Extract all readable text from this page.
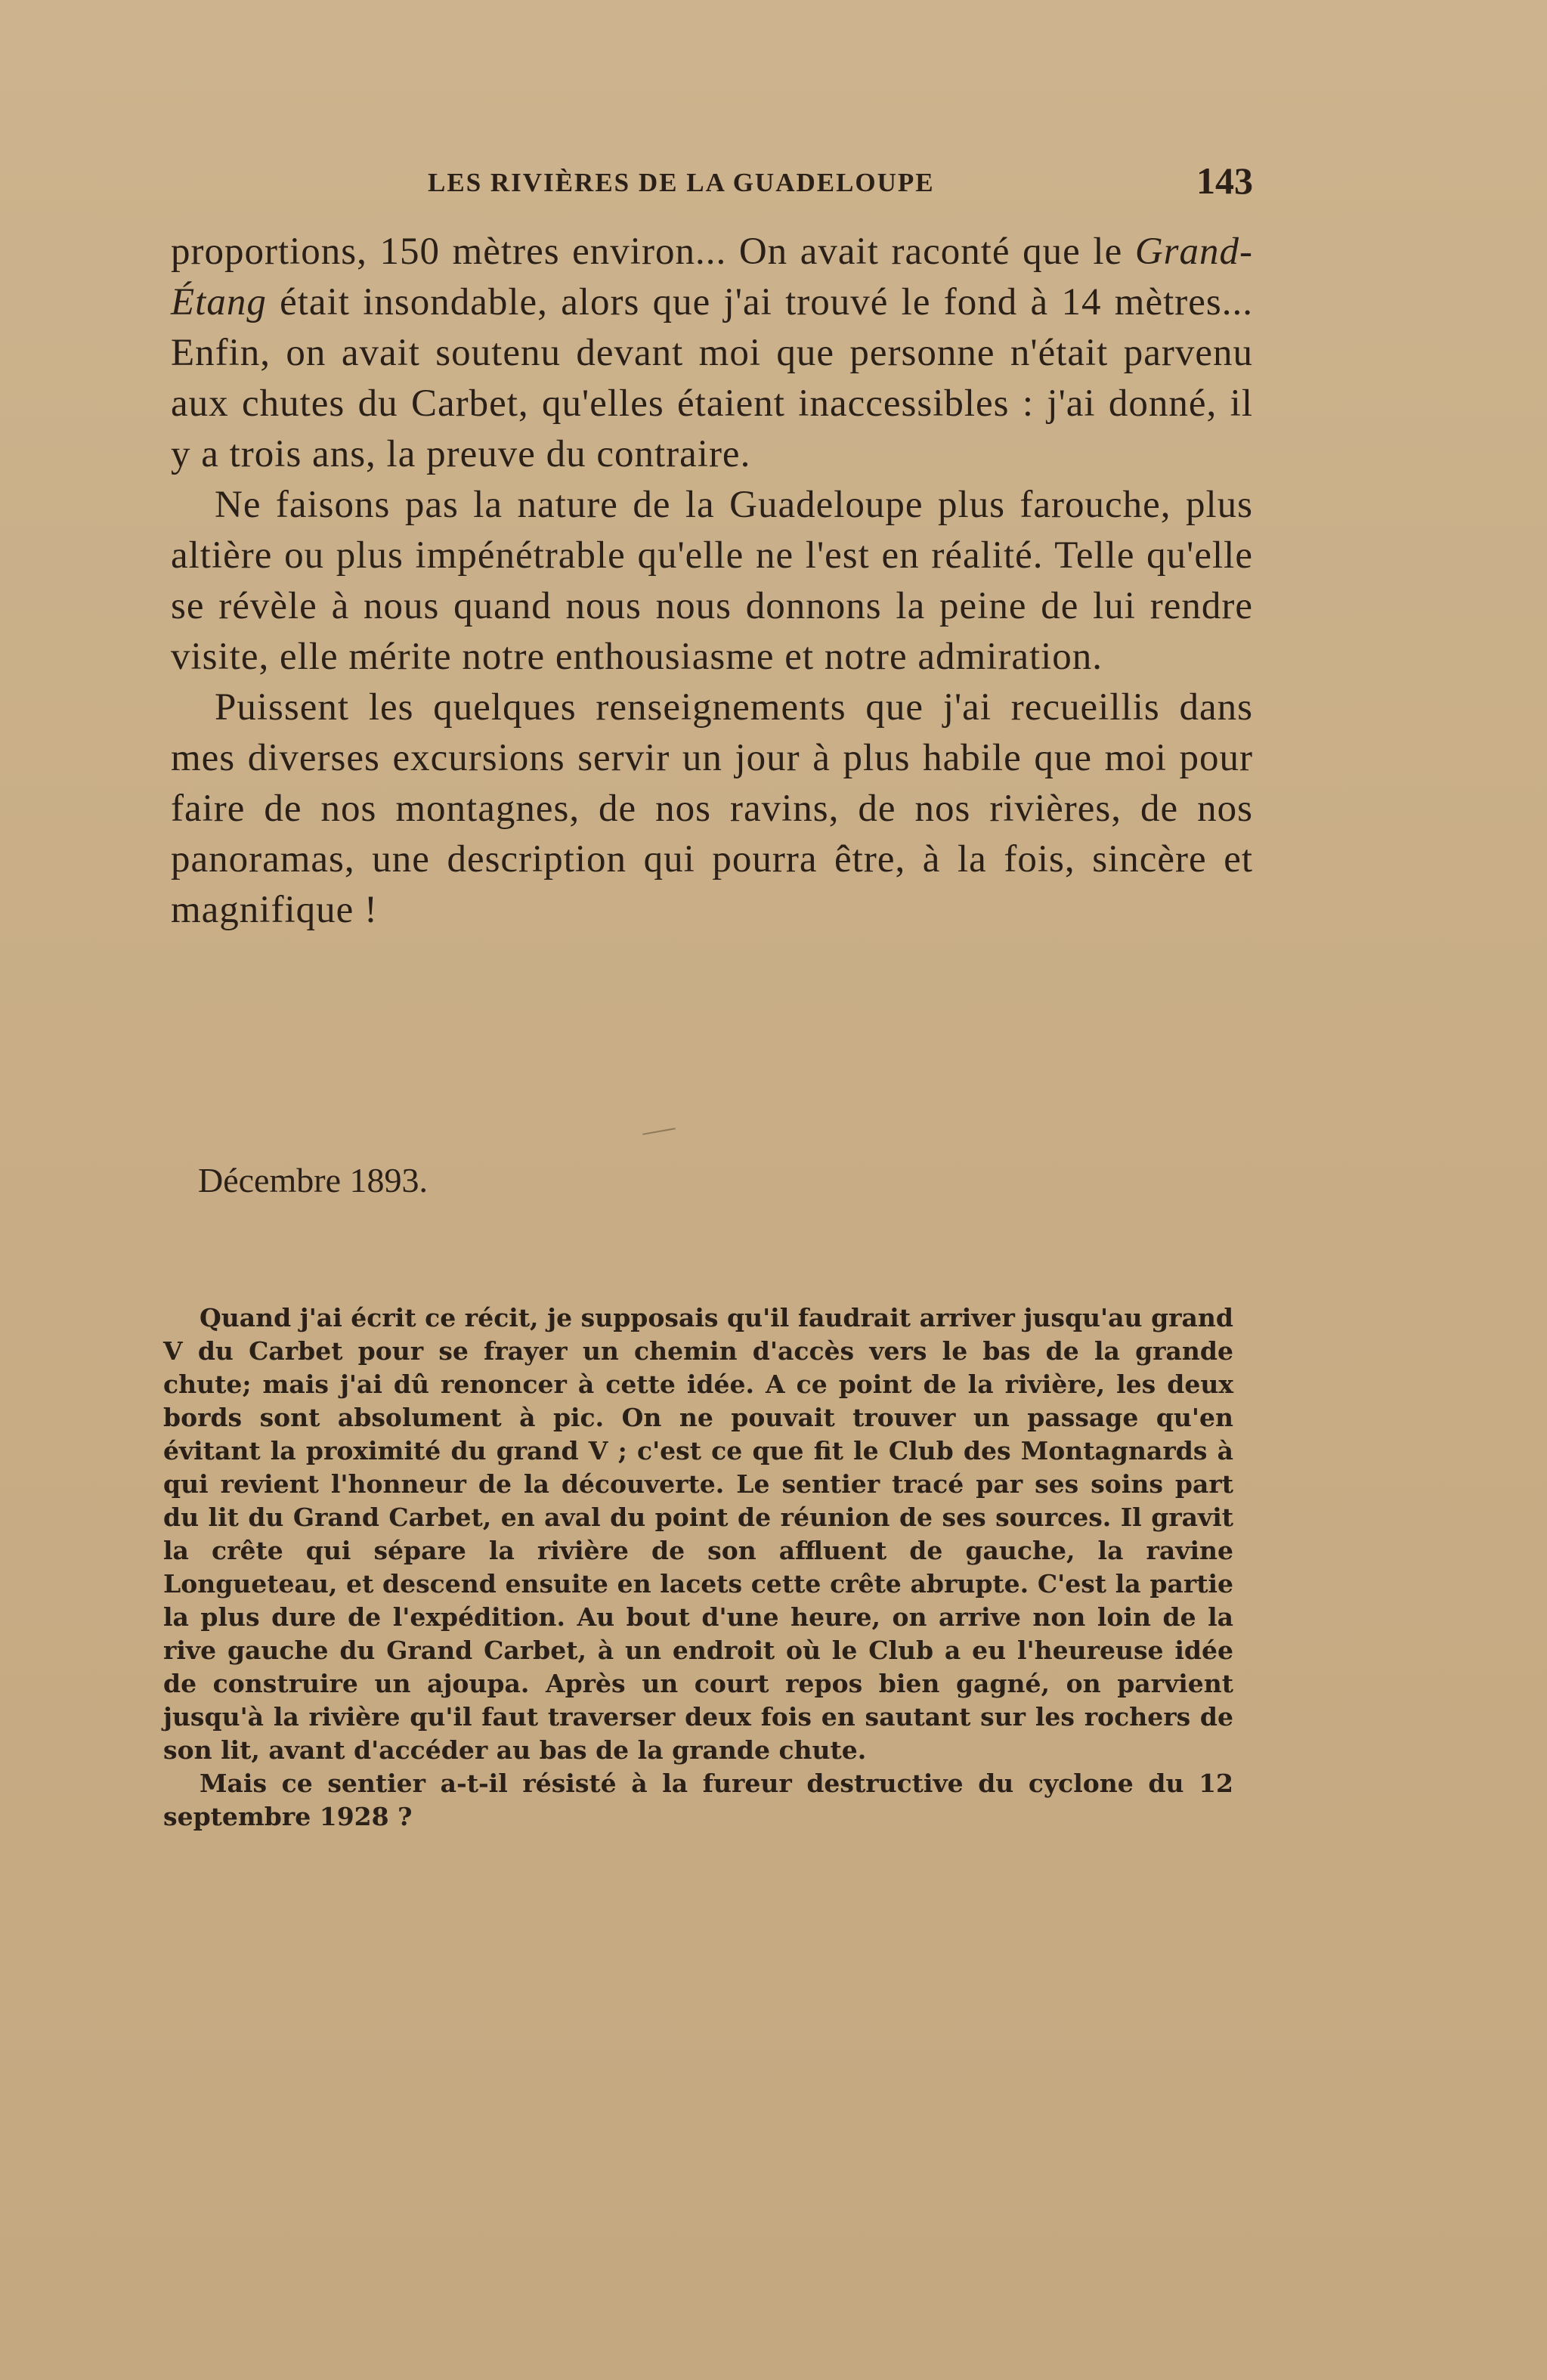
LES RIVIÈRES DE LA GUADELOUPE	143

proportions, 150 mètres environ... On avait raconté que le Grand-Étang était insondable, alors que j'ai trouvé le fond à 14 mètres... Enfin, on avait soutenu devant moi que personne n'était parvenu aux chutes du Carbet, qu'elles étaient inaccessibles : j'ai donné, il y a trois ans, la preuve du contraire.

Ne faisons pas la nature de la Guadeloupe plus farouche, plus altière ou plus impénétrable qu'elle ne l'est en réalité. Telle qu'elle se révèle à nous quand nous nous donnons la peine de lui rendre visite, elle mérite notre enthousiasme et notre admiration.

Puissent les quelques renseignements que j'ai recueillis dans mes diverses excursions servir un jour à plus habile que moi pour faire de nos montagnes, de nos ravins, de nos rivières, de nos panoramas, une description qui pourra être, à la fois, sincère et magnifique !

Décembre 1893.

Quand j'ai écrit ce récit, je supposais qu'il faudrait arriver jusqu'au grand V du Carbet pour se frayer un chemin d'accès vers le bas de la grande chute; mais j'ai dû renoncer à cette idée. A ce point de la rivière, les deux bords sont absolument à pic. On ne pouvait trouver un passage qu'en évitant la proximité du grand V ; c'est ce que fit le Club des Montagnards à qui revient l'honneur de la découverte. Le sentier tracé par ses soins part du lit du Grand Carbet, en aval du point de réunion de ses sources. Il gravit la crête qui sépare la rivière de son affluent de gauche, la ravine Longueteau, et descend ensuite en lacets cette crête abrupte. C'est la partie la plus dure de l'expédition. Au bout d'une heure, on arrive non loin de la rive gauche du Grand Carbet, à un endroit où le Club a eu l'heureuse idée de construire un ajoupa. Après un court repos bien gagné, on parvient jusqu'à la rivière qu'il faut traverser deux fois en sautant sur les rochers de son lit, avant d'accéder au bas de la grande chute.

Mais ce sentier a-t-il résisté à la fureur destructive du cyclone du 12 septembre 1928 ?
